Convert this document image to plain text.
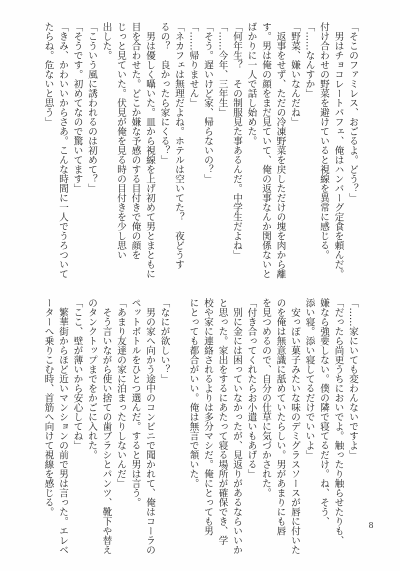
「そこのファミレス、おごるよ。どう？」
　男はチョコレートパフェ、俺はハンバーグ定食を頼んだ。
付け合わせの野菜を避けていると視線を異常に感じる。
「……なんすか」
「野菜、嫌いなんだね」
　返事をせず、ただの冷凍野菜を戻しただけの塊を肉から離
す。男は俺の顔をまだ見ていて、俺の返事なんか関係ないと
ばかりに一人で話し始めた。
「何年生？　その制服見た事あるんだ。中学生だよね」
「……今年、三年生」
「そう。遅いけど家、帰らないの？」
「……帰りません」
「ネカフェは無理だよね。ホテルは空いてた？　夜どうす
るの？　良かったら家にくる？」
　男は優しく囁いた。皿から視線を上げ初めて男とまともに
目を合わせた。どこか嫌な予感のする目付きで俺の顔を
じっと見ていた。伏見が俺を見る時の目付きを少し思い
出した。
「こういう風に誘われるのは初めて？」
「そうです。初めてなので驚いてます」
「きみ、かわいいからさあ。こんな時間に一人でうろついて
たらね。危ないと思う」
「……家にいても変わんないですよ」
「だったら尚更うちにおいでよ。触ったり触らせたりも、
嫌なら強要しない。僕の隣で寝てるだけ。ね、そう、
添い寝。添い寝してるだけでいいよ」
　安っぽい菓子みたいな味のデミグラスソースが唇に付いた
のを俺は無意識に舐めていたらしい。男があまりにも唇
を見つめるので、自分の仕草に気づかされた。
「付き合ってくれたらお小遣いもあげる」
　別に金には困っていなかったが、見返りがあるならいいか
と思った。家出をするにあたって寝る場所が確保でき、学
校や家に連絡されるよりは多分マシだ。俺にとっても男
にとっても都合がいい。俺は無言で頷いた。
「なにが欲しい？」
　男の家へ向かう途中のコンビニで聞かれて、俺はコーラの
ペットボトルをひとつ選んだ。すると男は言う。
「あまり友達の家に泊まったりしないんだ」
　そう言いながら使い捨ての歯ブラシとパンツ、靴下や替え
のタンクトップまでをかごに入れた。
「ここ、壁が薄いから安心してね」
　繁華街からほど近いマンションの前で男は言った。エレベ
ーターへ乗りこむ時、首筋へ向けて視線を感じる。
8
